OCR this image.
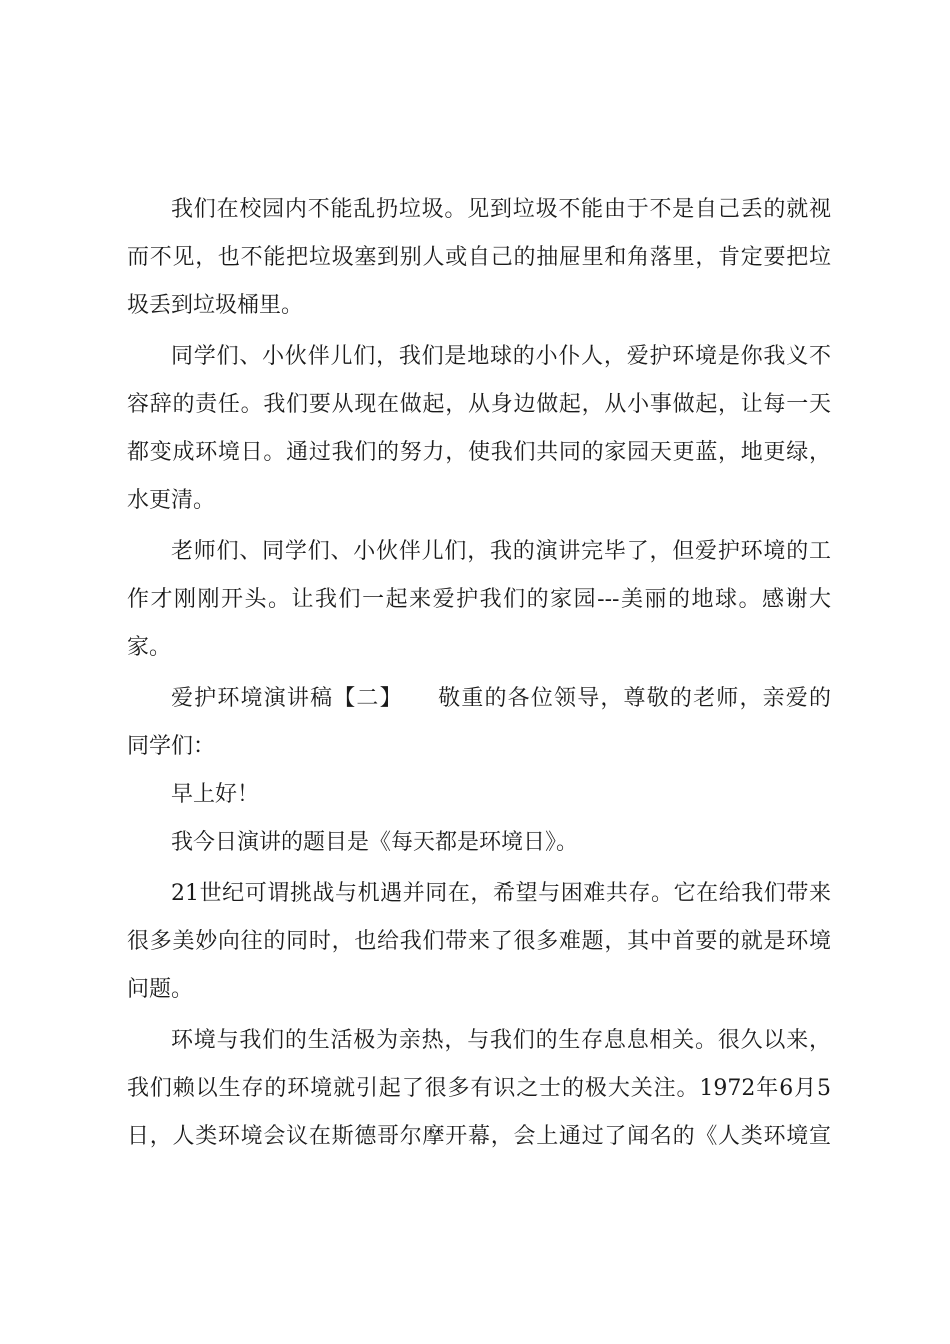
我们在校园内不能乱扔垃圾。见到垃圾不能由于不是自己丢的就视
而不见，也不能把垃圾塞到别人或自己的抽屉里和角落里，肯定要把垃
圾丢到垃圾桶里。
同学们、小伙伴儿们，我们是地球的小仆人，爱护环境是你我义不
容辞的责任。我们要从现在做起，从身边做起，从小事做起，让每一天
都变成环境日。通过我们的努力，使我们共同的家园天更蓝，地更绿，
水更清。
老师们、同学们、小伙伴儿们，我的演讲完毕了，但爱护环境的工
作才刚刚开头。让我们一起来爱护我们的家园---美丽的地球。感谢大
家。
爱护环境演讲稿【二】　　敬重的各位领导，尊敬的老师，亲爱的
同学们：
早上好！
我今日演讲的题目是《每天都是环境日》。
21世纪可谓挑战与机遇并同在，希望与困难共存。它在给我们带来
很多美妙向往的同时，也给我们带来了很多难题，其中首要的就是环境
问题。
环境与我们的生活极为亲热，与我们的生存息息相关。很久以来，
我们赖以生存的环境就引起了很多有识之士的极大关注。1972年6月5
日，人类环境会议在斯德哥尔摩开幕，会上通过了闻名的《人类环境宣
